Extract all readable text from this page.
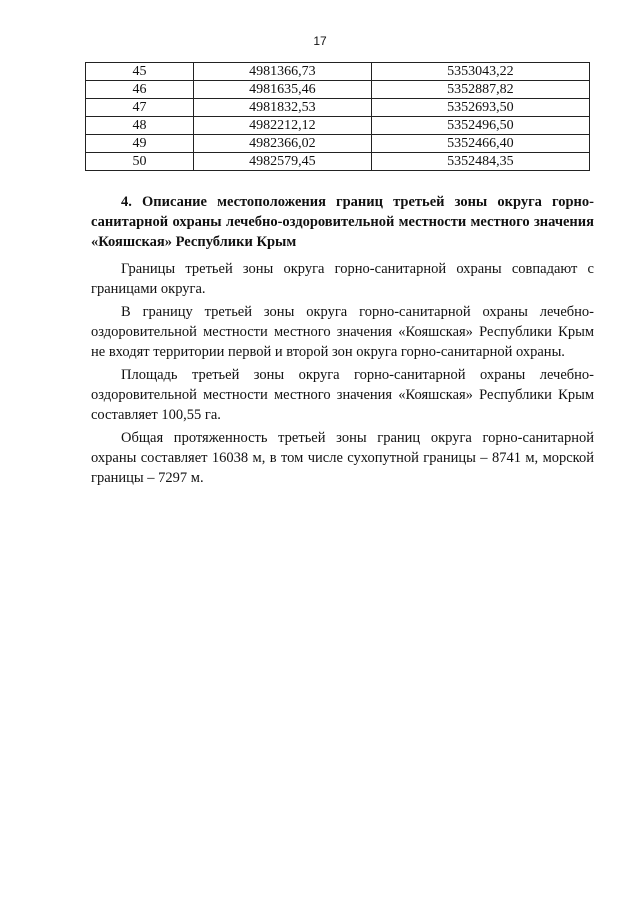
17
45	4981366,73	5353043,22
46	4981635,46	5352887,82
47	4981832,53	5352693,50
48	4982212,12	5352496,50
49	4982366,02	5352466,40
50	4982579,45	5352484,35

4. Описание местоположения границ третьей зоны округа горно-санитарной охраны лечебно-оздоровительной местности местного значения «Кояшская» Республики Крым

Границы третьей зоны округа горно-санитарной охраны совпадают с границами округа.

В границу третьей зоны округа горно-санитарной охраны лечебно-оздоровительной местности местного значения «Кояшская» Республики Крым не входят территории первой и второй зон округа горно-санитарной охраны.

Площадь третьей зоны округа горно-санитарной охраны лечебно-оздоровительной местности местного значения «Кояшская» Республики Крым составляет 100,55 га.

Общая протяженность третьей зоны границ округа горно-санитарной охраны составляет 16038 м, в том числе сухопутной границы – 8741 м, морской границы – 7297 м.
